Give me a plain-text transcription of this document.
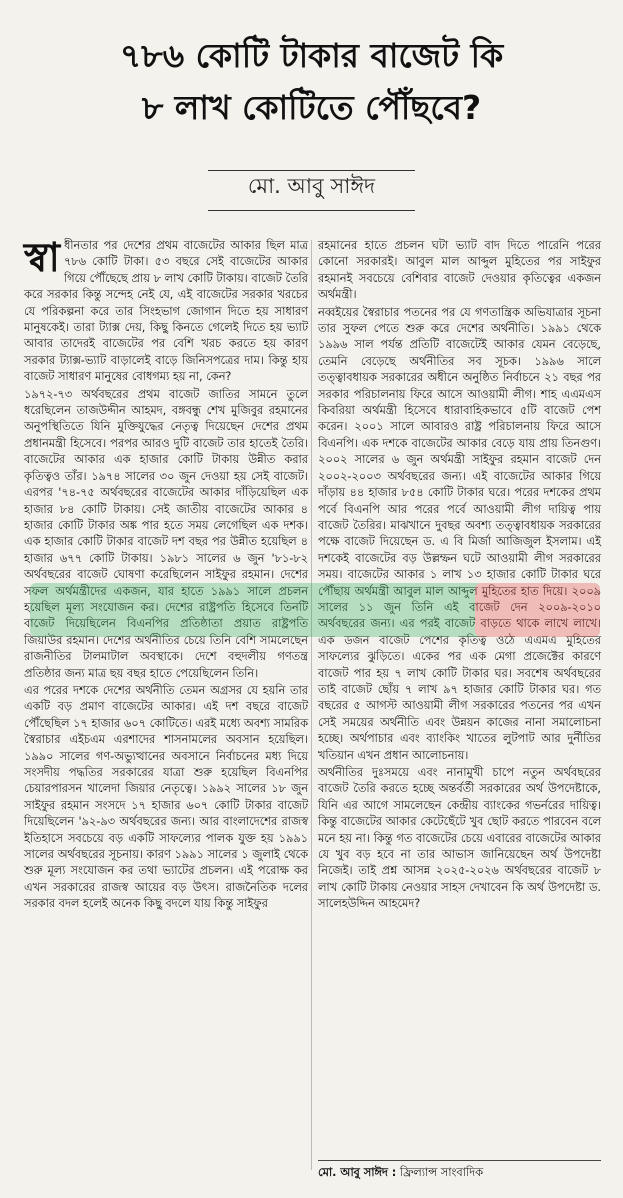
৭৮৬ কোটি টাকার বাজেট কি
৮ লাখ কোটিতে পৌঁছবে?
মো. আবু সাঈদ

স্বা ধীনতার পর দেশের প্রথম বাজেটের আকার ছিল মাত্র ৭৮৬ কোটি টাকা। ৫৩ বছরে সেই বাজেটের আকার গিয়ে পৌঁছেছে প্রায় ৮ লাখ কোটি টাকায়। বাজেট তৈরি করে সরকার কিন্তু সন্দেহ নেই যে, এই বাজেটের সরকার খরচের যে পরিকল্পনা করে তার সিংহভাগ জোগান দিতে হয় সাধারণ মানুষকেই। তারা ট্যাক্স দেয়, কিছু কিনতে গেলেই দিতে হয় ভ্যাট আবার তাদেরই বাজেটের পর বেশি খরচ করতে হয় কারণ সরকার ট্যাক্স-ভ্যাট বাড়ালেই বাড়ে জিনিসপত্রের দাম। কিন্তু হায় বাজেট সাধারণ মানুষের বোধগম্য হয় না, কেন?

১৯৭২-৭৩ অর্থবছরের প্রথম বাজেট জাতির সামনে তুলে ধরেছিলেন তাজউদ্দীন আহমদ, বঙ্গবন্ধু শেখ মুজিবুর রহমানের অনুপস্থিতিতে যিনি মুক্তিযুদ্ধের নেতৃত্ব দিয়েছেন দেশের প্রথম প্রধানমন্ত্রী হিসেবে। পরপর আরও দুটি বাজেট তার হাতেই তৈরি। বাজেটের আকার এক হাজার কোটি টাকায় উন্নীত করার কৃতিত্বও তাঁর। ১৯৭৪ সালের ৩০ জুন দেওয়া হয় সেই বাজেট। এরপর '৭৪-৭৫ অর্থবছরের বাজেটের আকার দাঁড়িয়েছিল এক হাজার ৮৪ কোটি টাকায়। সেই জাতীয় বাজেটের আকার ৪ হাজার কোটি টাকার অঙ্ক পার হতে সময় লেগেছিল এক দশক। এক হাজার কোটি টাকার বাজেট দশ বছর পর উন্নীত হয়েছিল ৪ হাজার ৬৭৭ কোটি টাকায়। ১৯৮১ সালের ৬ জুন '৮১-৮২ অর্থবছরের বাজেট ঘোষণা করেছিলেন সাইফুর রহমান। দেশের সফল অর্থমন্ত্রীদের একজন, যার হাতে ১৯৯১ সালে প্রচলন হয়েছিল মূল্য সংযোজন কর। দেশের রাষ্ট্রপতি হিসেবে তিনটি বাজেট দিয়েছিলেন বিএনপির প্রতিষ্ঠাতা প্রয়াত রাষ্ট্রপতি জিয়াউর রহমান। দেশের অর্থনীতির চেয়ে তিনি বেশি সামলেছেন রাজনীতির টালমাটাল অবস্থাকে। দেশে বহুদলীয় গণতন্ত্র প্রতিষ্ঠার জন্য মাত্র ছয় বছর হাতে পেয়েছিলেন তিনি।

এর পরের দশকে দেশের অর্থনীতি তেমন অগ্রসর যে হয়নি তার একটি বড় প্রমাণ বাজেটের আকার। এই দশ বছরে বাজেট পৌঁছেছিল ১৭ হাজার ৬০৭ কোটিতে। এরই মধ্যে অবশ্য সামরিক স্বৈরাচার এইচএম এরশাদের শাসনামলের অবসান হয়েছিল। ১৯৯০ সালের গণ-অভ্যুত্থানের অবসানে নির্বাচনের মধ্য দিয়ে সংসদীয় পদ্ধতির সরকারের যাত্রা শুরু হয়েছিল বিএনপির চেয়ারপারসন খালেদা জিয়ার নেতৃত্বে। ১৯৯২ সালের ১৮ জুন সাইফুর রহমান সংসদে ১৭ হাজার ৬০৭ কোটি টাকার বাজেট দিয়েছিলেন '৯২-৯৩ অর্থবছরের জন্য। আর বাংলাদেশের রাজস্ব ইতিহাসে সবচেয়ে বড় একটি সাফল্যের পালক যুক্ত হয় ১৯৯১ সালের অর্থবছরের সূচনায়। কারণ ১৯৯১ সালের ১ জুলাই থেকে শুরু মূল্য সংযোজন কর তথা ভ্যাটের প্রচলন। এই পরোক্ষ কর এখন সরকারের রাজস্ব আয়ের বড় উৎস। রাজনৈতিক দলের সরকার বদল হলেই অনেক কিছু বদলে যায় কিন্তু সাইফুর

রহমানের হাতে প্রচলন ঘটা ভ্যাট বাদ দিতে পারেনি পরের কোনো সরকারই। আবুল মাল আব্দুল মুহিতের পর সাইফুর রহমানই সবচেয়ে বেশিবার বাজেট দেওয়ার কৃতিত্বের একজন অর্থমন্ত্রী।

নব্বইয়ের স্বৈরাচার পতনের পর যে গণতান্ত্রিক অভিযাত্রার সূচনা তার সুফল পেতে শুরু করে দেশের অর্থনীতি। ১৯৯১ থেকে ১৯৯৬ সাল পর্যন্ত প্রতিটি বাজেটেই আকার যেমন বেড়েছে, তেমনি বেড়েছে অর্থনীতির সব সূচক। ১৯৯৬ সালে তত্ত্বাবধায়ক সরকারের অধীনে অনুষ্ঠিত নির্বাচনে ২১ বছর পর সরকার পরিচালনায় ফিরে আসে আওয়ামী লীগ। শাহ এএমএস কিবরিয়া অর্থমন্ত্রী হিসেবে ধারাবাহিকভাবে ৫টি বাজেট পেশ করেন। ২০০১ সালে আবারও রাষ্ট্র পরিচালনায় ফিরে আসে বিএনপি। এক দশকে বাজেটের আকার বেড়ে যায় প্রায় তিনগুণ। ২০০২ সালের ৬ জুন অর্থমন্ত্রী সাইফুর রহমান বাজেট দেন ২০০২-২০০৩ অর্থবছরের জন্য। এই বাজেটের আকার গিয়ে দাঁড়ায় ৪৪ হাজার ৮৫৪ কোটি টাকার ঘরে। পরের দশকের প্রথম পর্বে বিএনপি আর পরের পর্বে আওয়ামী লীগ দায়িত্ব পায় বাজেট তৈরির। মাঝখানে দুবছর অবশ্য তত্ত্বাবধায়ক সরকারের পক্ষে বাজেট দিয়েছেন ড. এ বি মির্জা আজিজুল ইসলাম। এই দশকেই বাজেটের বড় উল্লম্ফন ঘটে আওয়ামী লীগ সরকারের সময়। বাজেটের আকার ১ লাখ ১৩ হাজার কোটি টাকার ঘরে পৌঁছায় অর্থমন্ত্রী আবুল মাল আব্দুল মুহিতের হাত দিয়ে। ২০০৯ সালের ১১ জুন তিনি এই বাজেট দেন ২০০৯-২০১০ অর্থবছরের জন্য। এর পরই বাজেট বাড়তে থাকে লাখে লাখে। এক ডজন বাজেট পেশের কৃতিত্ব ওঠে এএমএ মুহিতের সাফল্যের ঝুড়িতে। একের পর এক মেগা প্রজেক্টের কারণে বাজেট পার হয় ৭ লাখ কোটি টাকার ঘর। সবশেষ অর্থবছরের তাই বাজেট ছোঁয় ৭ লাখ ৯৭ হাজার কোটি টাকার ঘর। গত বছরের ৫ আগস্ট আওয়ামী লীগ সরকারের পতনের পর এখন সেই সময়ের অর্থনীতি এবং উন্নয়ন কাজের নানা সমালোচনা হচ্ছে। অর্থপাচার এবং ব্যাংকিং খাতের লুটপাট আর দুর্নীতির খতিয়ান এখন প্রধান আলোচনায়।

অর্থনীতির দুঃসময়ে এবং নানামুখী চাপে নতুন অর্থবছরের বাজেট তৈরি করতে হচ্ছে অন্তর্বর্তী সরকারের অর্থ উপদেষ্টাকে, যিনি এর আগে সামলেছেন কেন্দ্রীয় ব্যাংকের গভর্নরের দায়িত্ব। কিন্তু বাজেটের আকার কেটেছেঁটে খুব ছোট করতে পারবেন বলে মনে হয় না। কিন্তু গত বাজেটের চেয়ে এবারের বাজেটের আকার যে খুব বড় হবে না তার আভাস জানিয়েছেন অর্থ উপদেষ্টা নিজেই। তাই প্রশ্ন আসন্ন ২০২৫-২০২৬ অর্থবছরের বাজেট ৮ লাখ কোটি টাকায় নেওয়ার সাহস দেখাবেন কি অর্থ উপদেষ্টা ড. সালেহউদ্দিন আহমেদ?

মো. আবু সাঈদ : ফ্রিল্যান্স সাংবাদিক
